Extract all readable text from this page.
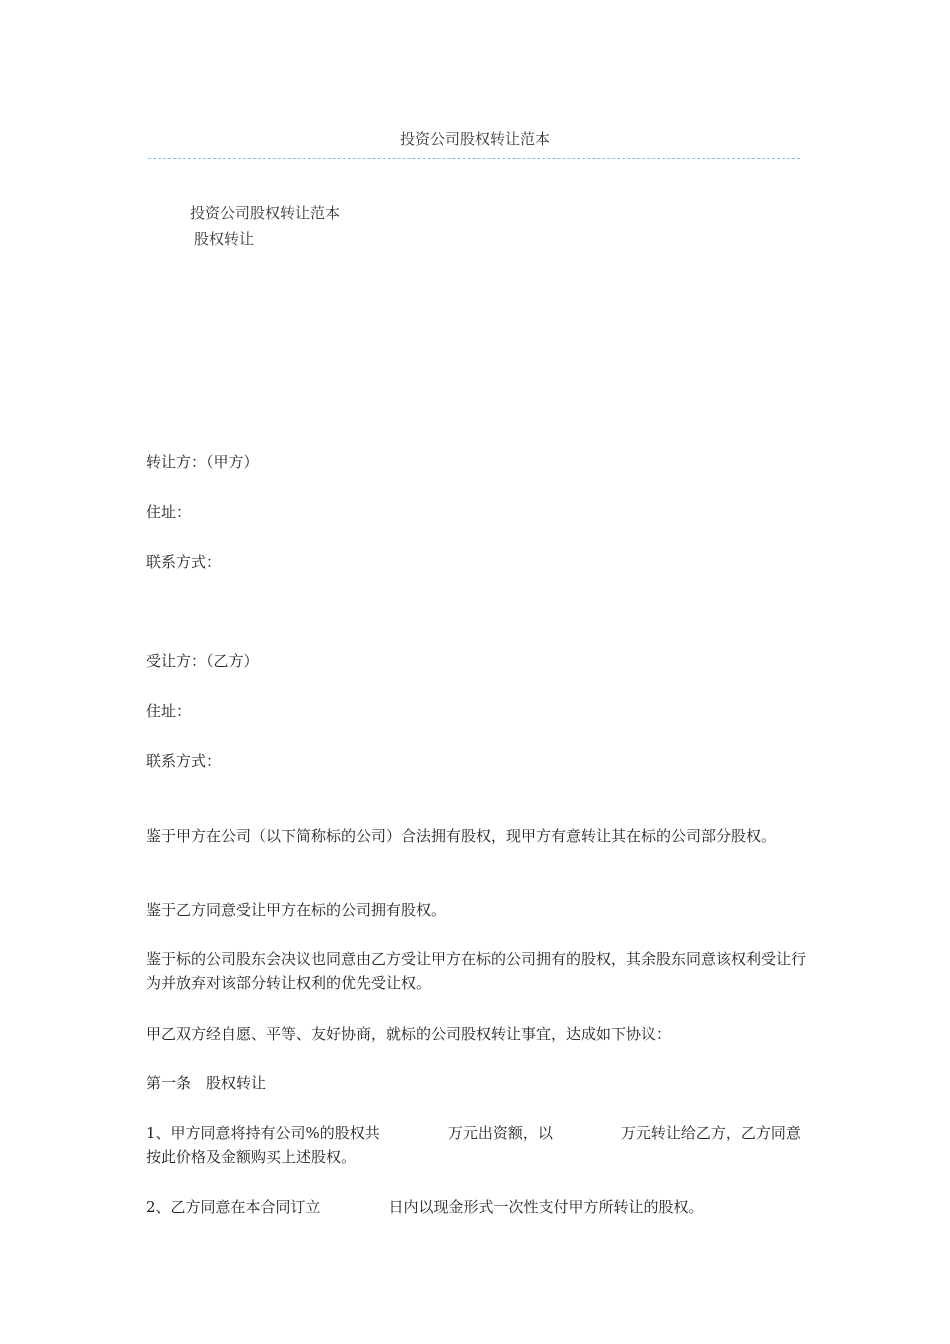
投资公司股权转让范本
投资公司股权转让范本
股权转让
转让方：（甲方）
住址：
联系方式：
受让方：（乙方）
住址：
联系方式：
鉴于甲方在公司（以下简称标的公司）合法拥有股权，现甲方有意转让其在标的公司部分股权。
鉴于乙方同意受让甲方在标的公司拥有股权。
鉴于标的公司股东会决议也同意由乙方受让甲方在标的公司拥有的股权，其余股东同意该权利受让行为并放弃对该部分转让权利的优先受让权。
甲乙双方经自愿、平等、友好协商，就标的公司股权转让事宜，达成如下协议：
第一条　股权转让
1、甲方同意将持有公司%的股权共	万元出资额，以	万元转让给乙方，乙方同意按此价格及金额购买上述股权。
2、乙方同意在本合同订立	日内以现金形式一次性支付甲方所转让的股权。
